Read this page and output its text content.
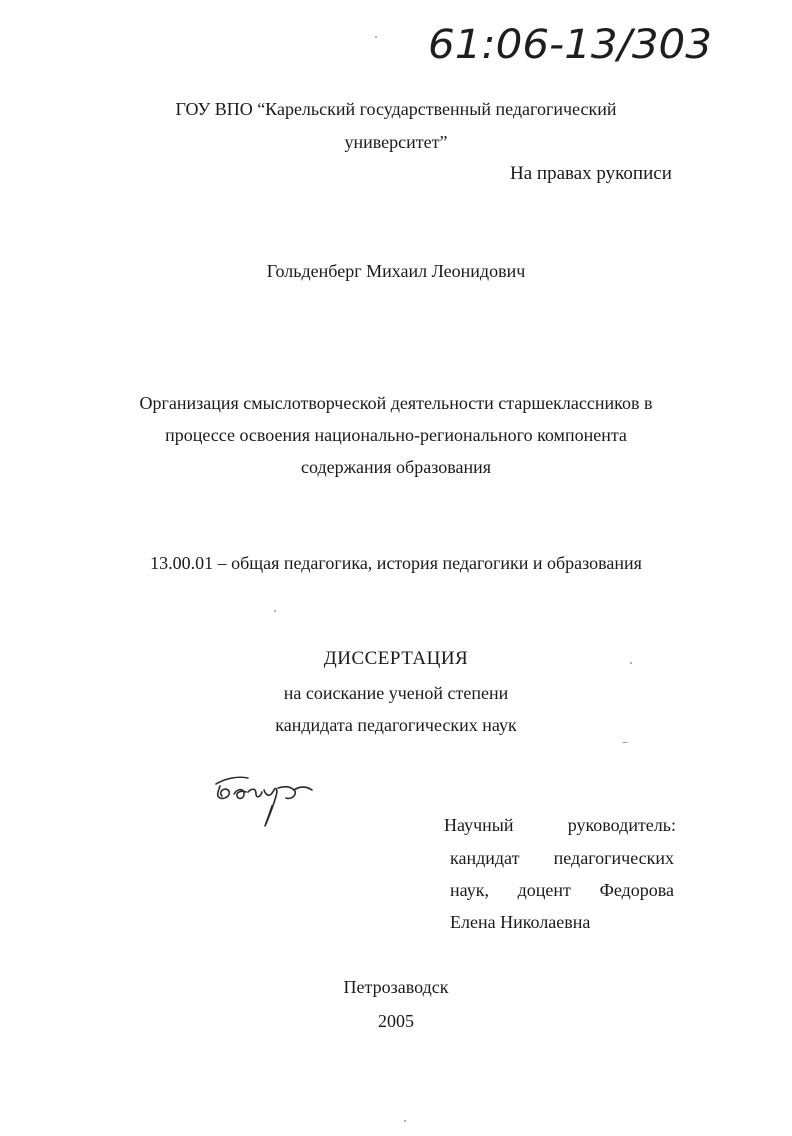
61:06-13/303
ГОУ ВПО “Карельский государственный педагогический
университет”
На правах рукописи
Гольденберг Михаил Леонидович
Организация смыслотворческой деятельности старшеклассников в
процессе освоения национально-регионального компонента
содержания образования
13.00.01 – общая педагогика, история педагогики и образования
ДИССЕРТАЦИЯ
на соискание ученой степени
кандидата педагогических наук
Научный	руководитель:
кандидат педагогических
наук, доцент Федорова
Елена Николаевна
Петрозаводск
2005
